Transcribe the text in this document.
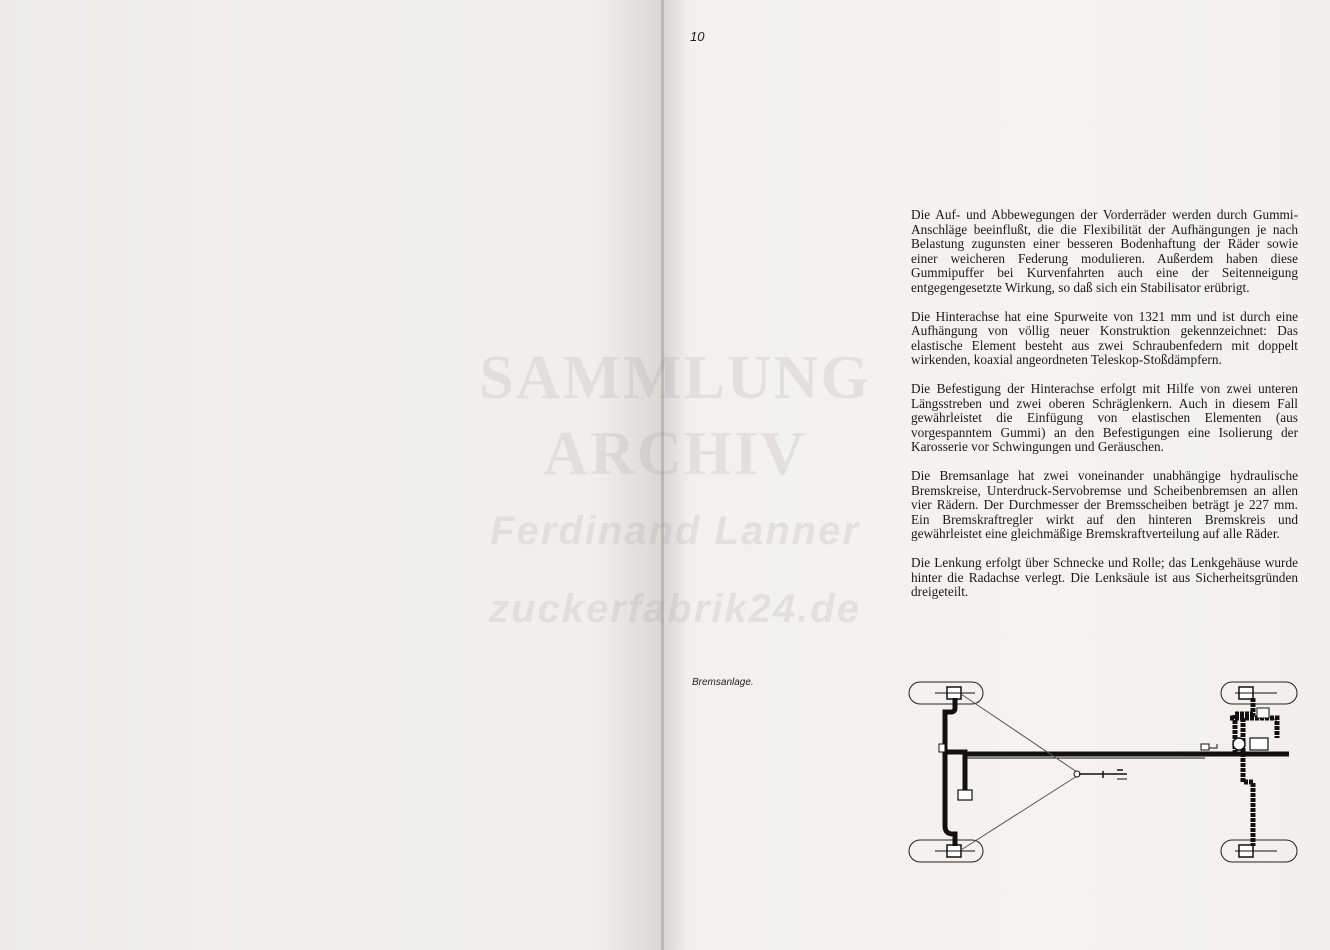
10

Die Auf- und Abbewegungen der Vorderräder werden durch Gummi-Anschläge beeinflußt, die die Flexibilität der Aufhängungen je nach Belastung zugunsten einer besseren Bodenhaftung der Räder sowie einer weicheren Federung modulieren. Außerdem haben diese Gummipuffer bei Kurvenfahrten auch eine der Seitenneigung entgegengesetzte Wirkung, so daß sich ein Stabilisator erübrigt.

Die Hinterachse hat eine Spurweite von 1321 mm und ist durch eine Aufhängung von völlig neuer Konstruktion gekennzeichnet: Das elastische Element besteht aus zwei Schraubenfedern mit doppelt wirkenden, koaxial angeordneten Teleskop-Stoßdämpfern.

Die Befestigung der Hinterachse erfolgt mit Hilfe von zwei unteren Längsstreben und zwei oberen Schräglenkern. Auch in diesem Fall gewährleistet die Einfügung von elastischen Elementen (aus vorgespanntem Gummi) an den Befestigungen eine Isolierung der Karosserie vor Schwingungen und Geräuschen.

Die Bremsanlage hat zwei voneinander unabhängige hydraulische Bremskreise, Unterdruck-Servobremse und Scheibenbremsen an allen vier Rädern. Der Durchmesser der Bremsscheiben beträgt je 227 mm. Ein Bremskraftregler wirkt auf den hinteren Bremskreis und gewährleistet eine gleichmäßige Bremskraftverteilung auf alle Räder.

Die Lenkung erfolgt über Schnecke und Rolle; das Lenkgehäuse wurde hinter die Radachse verlegt. Die Lenksäule ist aus Sicherheitsgründen dreigeteilt.

Bremsanlage.
